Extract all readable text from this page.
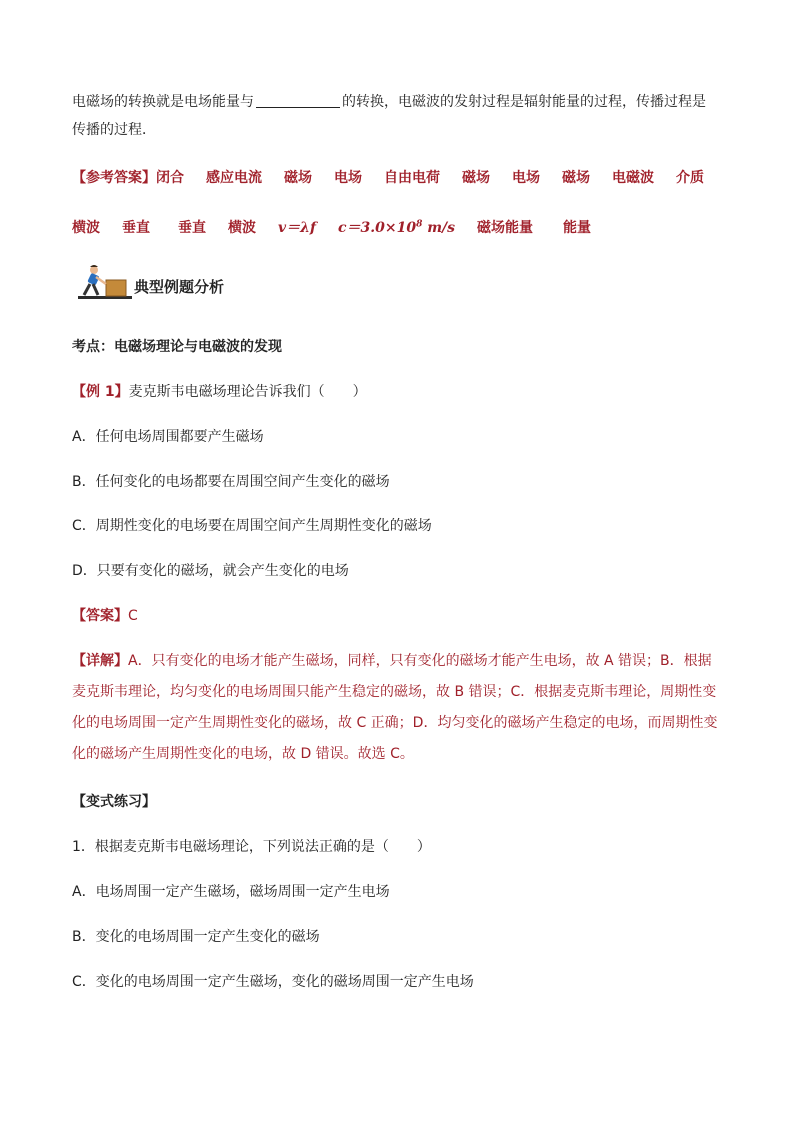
电磁场的转换就是电场能量与	的转换，电磁波的发射过程是辐射能量的过程，传播过程是
传播的过程．
【参考答案】闭合 感应电流 磁场 电场 自由电荷 磁场 电场 磁场 电磁波 介质
横波 垂直 垂直 横波 v＝λf $c=3.0\times 10^8$ m/s 磁场能量 能量
典型例题分析
考点：电磁场理论与电磁波的发现
【例 1】麦克斯韦电磁场理论告诉我们（　　）
A．任何电场周围都要产生磁场
B．任何变化的电场都要在周围空间产生变化的磁场
C．周期性变化的电场要在周围空间产生周期性变化的磁场
D．只要有变化的磁场，就会产生变化的电场
【答案】C
【详解】A．只有变化的电场才能产生磁场，同样，只有变化的磁场才能产生电场，故 A 错误；B．根据麦克斯韦理论，均匀变化的电场周围只能产生稳定的磁场，故 B 错误；C．根据麦克斯韦理论，周期性变化的电场周围一定产生周期性变化的磁场，故 C 正确；D．均匀变化的磁场产生稳定的电场，而周期性变化的磁场产生周期性变化的电场，故 D 错误。故选 C。
【变式练习】
1．根据麦克斯韦电磁场理论，下列说法正确的是（　　）
A．电场周围一定产生磁场，磁场周围一定产生电场
B．变化的电场周围一定产生变化的磁场
C．变化的电场周围一定产生磁场，变化的磁场周围一定产生电场
